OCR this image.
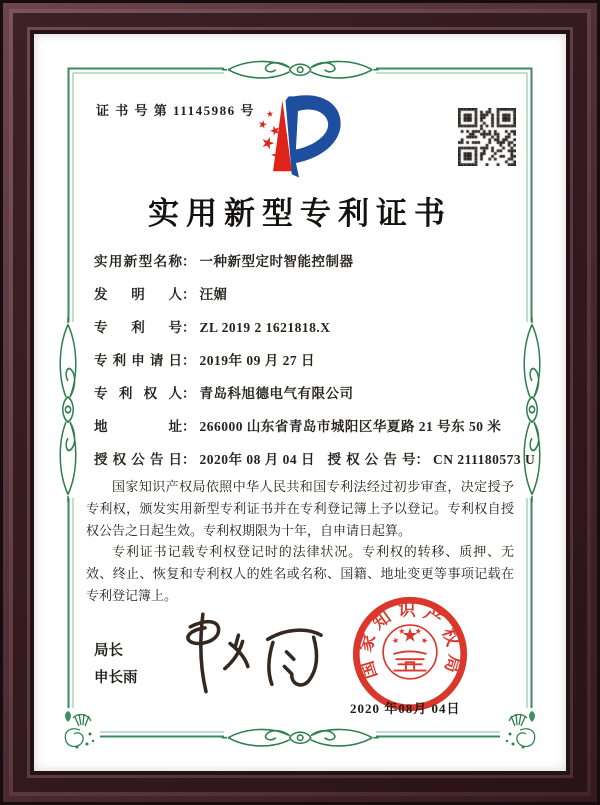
证 书 号 第 11145986 号
实用新型专利证书
实用新型名称： 一种新型定时智能控制器
发明人： 汪媚
专利号： ZL 2019 2 1621818.X
专利申请日： 2019年 09 月 27 日
专利权人： 青岛科旭德电气有限公司
地址： 266000 山东省青岛市城阳区华夏路 21 号东 50 米
授权公告日： 2020年 08 月 04 日 授权公告号： CN 211180573 U

国家知识产权局依照中华人民共和国专利法经过初步审查，决定授予专利权，颁发实用新型专利证书并在专利登记簿上予以登记。专利权自授权公告之日起生效。专利权期限为十年，自申请日起算。

专利证书记载专利权登记时的法律状况。专利权的转移、质押、无效、终止、恢复和专利权人的姓名或名称、国籍、地址变更等事项记载在专利登记簿上。

局长
申长雨	国家知识产权局
2020 年08月 04日
